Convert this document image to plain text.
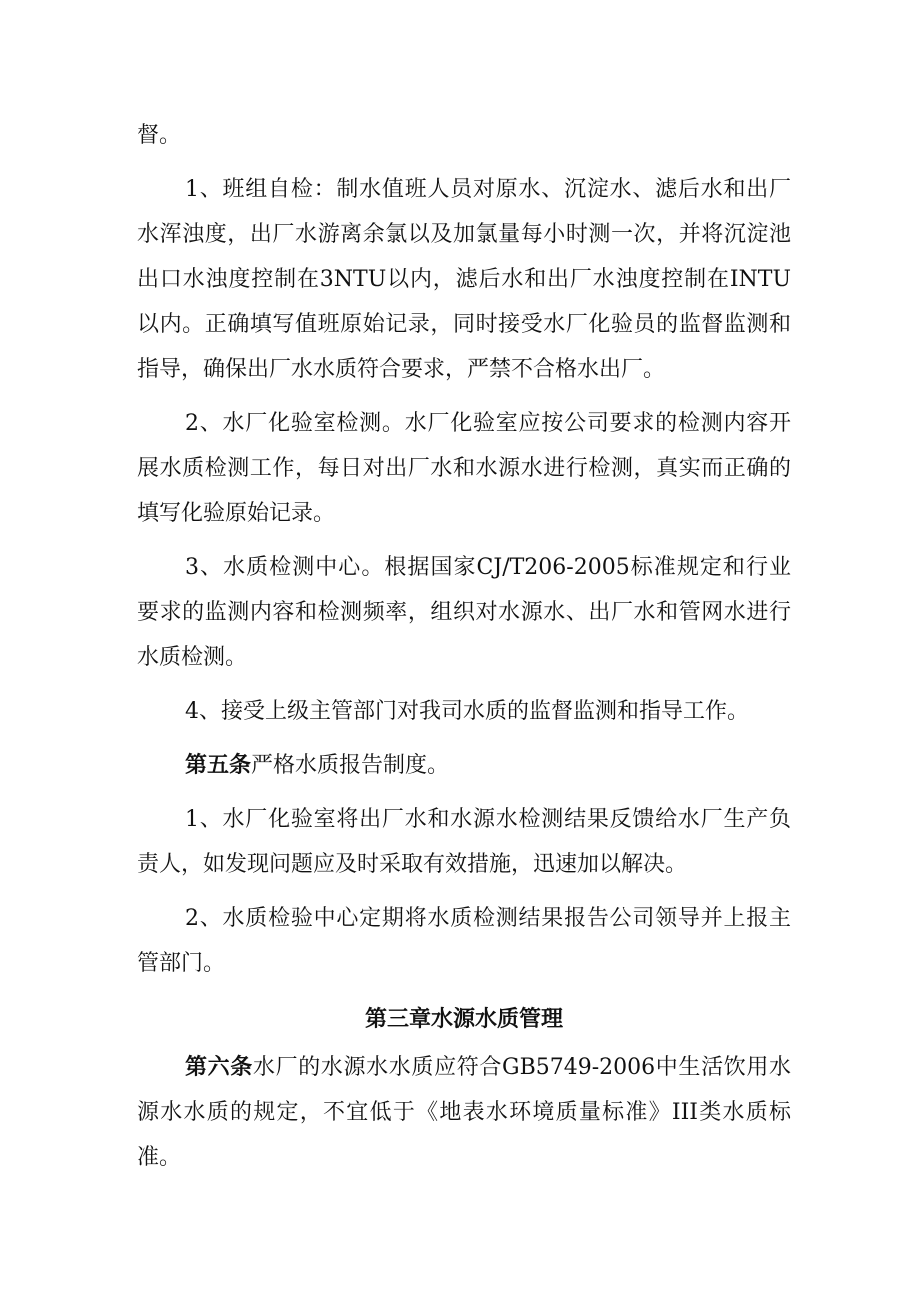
督。

1、班组自检：制水值班人员对原水、沉淀水、滤后水和出厂水浑浊度，出厂水游离余氯以及加氯量每小时测一次，并将沉淀池出口水浊度控制在3NTU以内，滤后水和出厂水浊度控制在INTU以内。正确填写值班原始记录，同时接受水厂化验员的监督监测和指导，确保出厂水水质符合要求，严禁不合格水出厂。

2、水厂化验室检测。水厂化验室应按公司要求的检测内容开展水质检测工作，每日对出厂水和水源水进行检测，真实而正确的填写化验原始记录。

3、水质检测中心。根据国家CJ/T206-2005标准规定和行业要求的监测内容和检测频率，组织对水源水、出厂水和管网水进行水质检测。

4、接受上级主管部门对我司水质的监督监测和指导工作。

第五条严格水质报告制度。

1、水厂化验室将出厂水和水源水检测结果反馈给水厂生产负责人，如发现问题应及时采取有效措施，迅速加以解决。

2、水质检验中心定期将水质检测结果报告公司领导并上报主管部门。

第三章水源水质管理

第六条水厂的水源水水质应符合GB5749-2006中生活饮用水源水水质的规定，不宜低于《地表水环境质量标准》III类水质标准。
